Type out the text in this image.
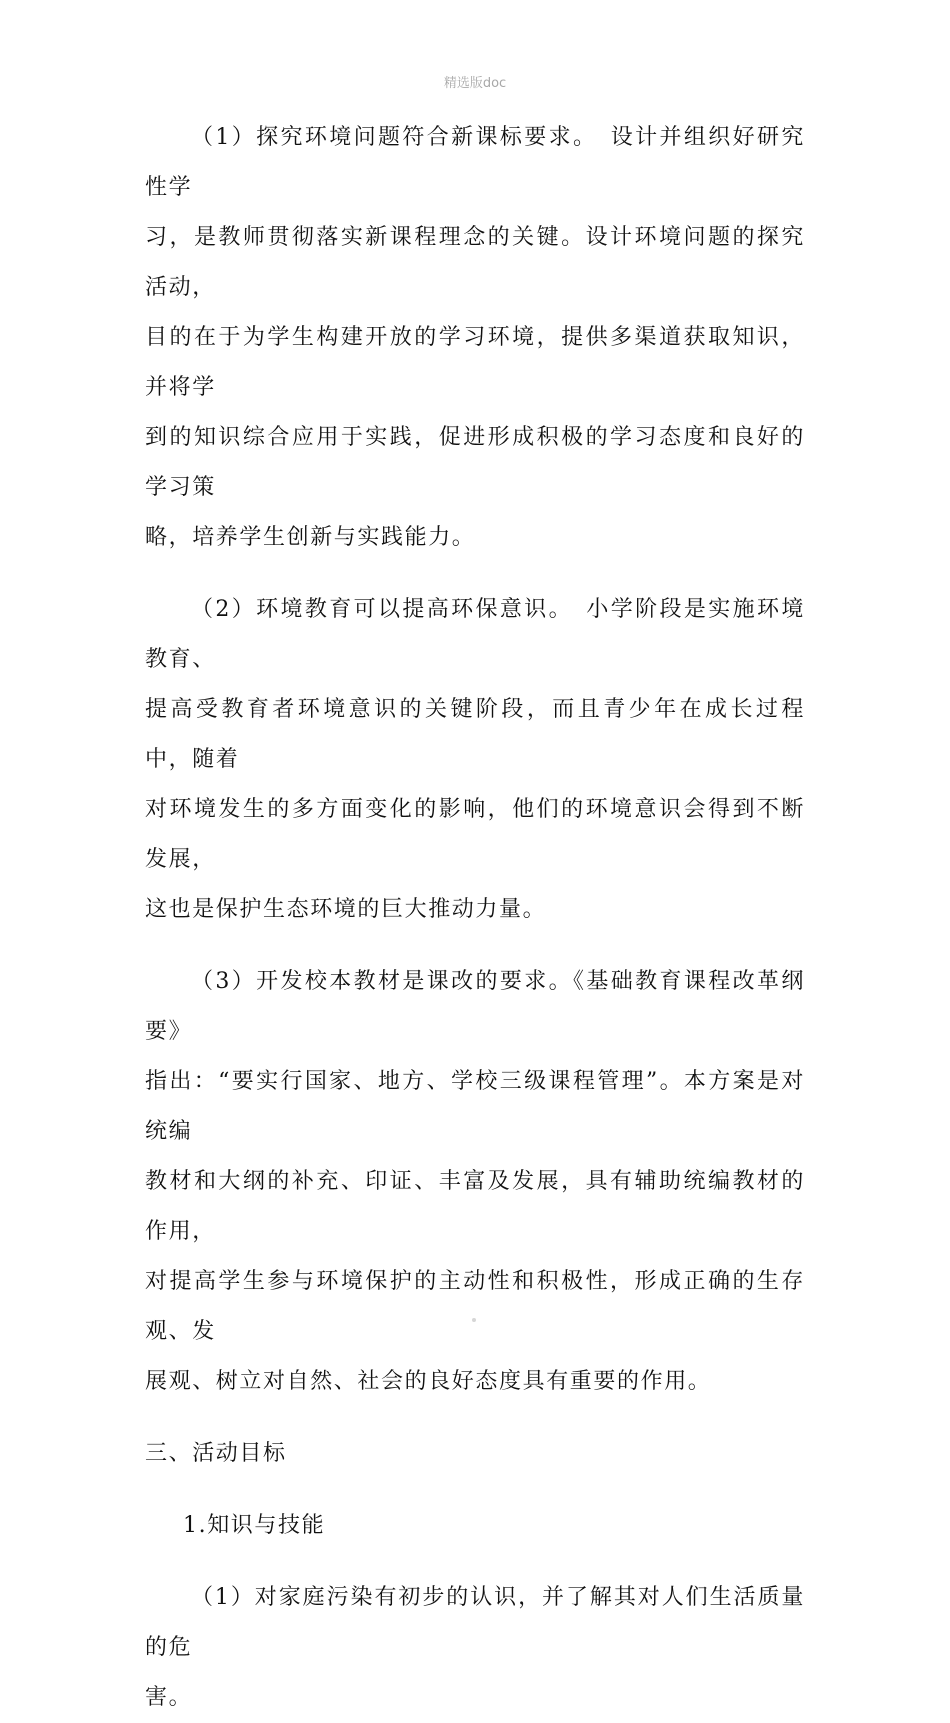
精选版doc

（1）探究环境问题符合新课标要求。　设计并组织好研究性学
习，是教师贯彻落实新课程理念的关键。设计环境问题的探究活动，
目的在于为学生构建开放的学习环境，提供多渠道获取知识，并将学
到的知识综合应用于实践，促进形成积极的学习态度和良好的学习策
略，培养学生创新与实践能力。

（2）环境教育可以提高环保意识。　小学阶段是实施环境教育、
提高受教育者环境意识的关键阶段，而且青少年在成长过程中，随着
对环境发生的多方面变化的影响，他们的环境意识会得到不断发展，
这也是保护生态环境的巨大推动力量。

（3）开发校本教材是课改的要求。《基础教育课程改革纲要》
指出：“要实行国家、地方、学校三级课程管理”。本方案是对统编
教材和大纲的补充、印证、丰富及发展，具有辅助统编教材的作用，
对提高学生参与环境保护的主动性和积极性，形成正确的生存观、发
展观、树立对自然、社会的良好态度具有重要的作用。

三、活动目标

1.知识与技能

（1）对家庭污染有初步的认识，并了解其对人们生活质量的危
害。
